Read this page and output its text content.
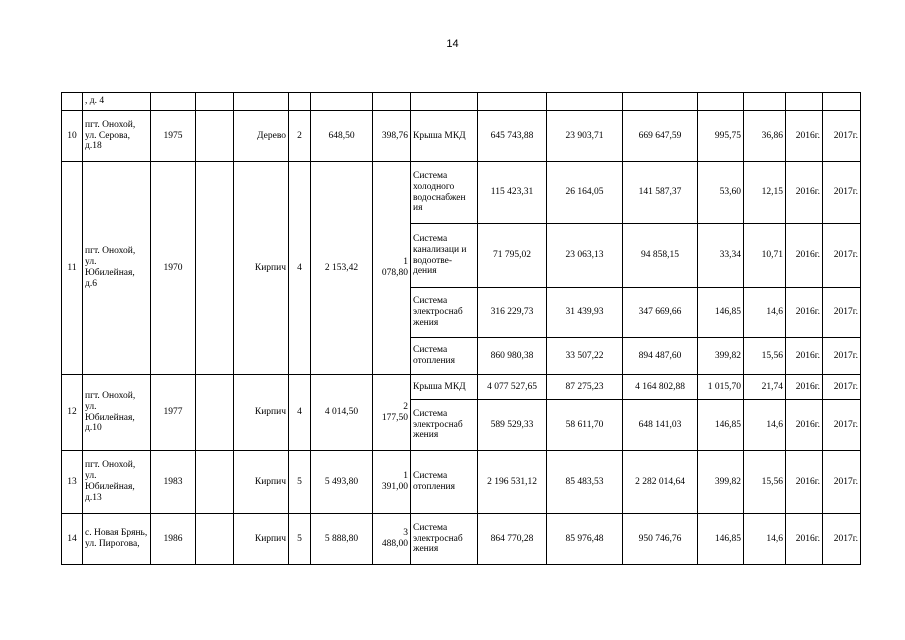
14
	, д. 4														
10	пгт. Онохой, ул. Серова, д.18	1975		Дерево	2	648,50	398,76	Крыша МКД	645 743,88	23 903,71	669 647,59	995,75	36,86	2016г.	2017г.
11	пгт. Онохой, ул. Юбилейная, д.6	1970		Кирпич	4	2 153,42	1 078,80	Система холодного водоснабжен ия	115 423,31	26 164,05	141 587,37	53,60	12,15	2016г.	2017г.
								Система канализаци и водоотве- дения	71 795,02	23 063,13	94 858,15	33,34	10,71	2016г.	2017г.
								Система электроснаб жения	316 229,73	31 439,93	347 669,66	146,85	14,6	2016г.	2017г.
								Система отопления	860 980,38	33 507,22	894 487,60	399,82	15,56	2016г.	2017г.
12	пгт. Онохой, ул. Юбилейная, д.10	1977		Кирпич	4	4 014,50	2 177,50	Крыша МКД	4 077 527,65	87 275,23	4 164 802,88	1 015,70	21,74	2016г.	2017г.
								Система электроснаб жения	589 529,33	58 611,70	648 141,03	146,85	14,6	2016г.	2017г.
13	пгт. Онохой, ул. Юбилейная, д.13	1983		Кирпич	5	5 493,80	1 391,00	Система отопления	2 196 531,12	85 483,53	2 282 014,64	399,82	15,56	2016г.	2017г.
14	с. Новая Брянь, ул. Пирогова,	1986		Кирпич	5	5 888,80	3 488,00	Система электроснаб жения	864 770,28	85 976,48	950 746,76	146,85	14,6	2016г.	2017г.
